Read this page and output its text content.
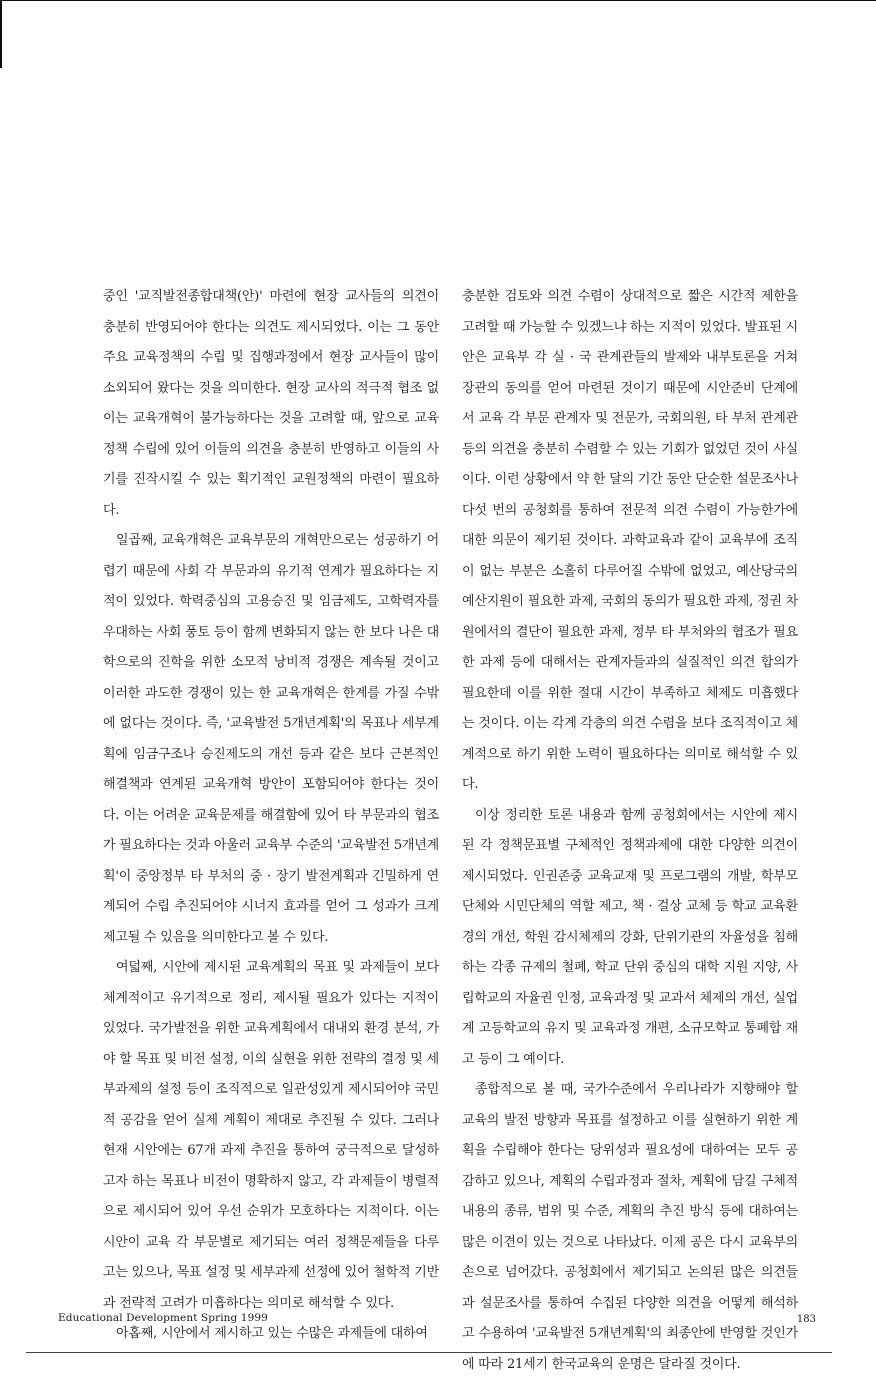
중인 '교직발전종합대책(안)' 마련에 현장 교사들의 의견이 충분히 반영되어야 한다는 의견도 제시되었다. 이는 그 동안 주요 교육정책의 수립 및 집행과정에서 현장 교사들이 많이 소외되어 왔다는 것을 의미한다. 현장 교사의 적극적 협조 없이는 교육개혁이 불가능하다는 것을 고려할 때, 앞으로 교육 정책 수립에 있어 이들의 의견을 충분히 반영하고 이들의 사기를 진작시킬 수 있는 획기적인 교원정책의 마련이 필요하다.

일곱째, 교육개혁은 교육부문의 개혁만으로는 성공하기 어렵기 때문에 사회 각 부문과의 유기적 연계가 필요하다는 지적이 있었다. 학력중심의 고용승진 및 임금제도, 고학력자를 우대하는 사회 풍토 등이 함께 변화되지 않는 한 보다 나은 대학으로의 진학을 위한 소모적 낭비적 경쟁은 계속될 것이고 이러한 과도한 경쟁이 있는 한 교육개혁은 한계를 가질 수밖에 없다는 것이다. 즉, '교육발전 5개년계획'의 목표나 세부계획에 임금구조나 승진제도의 개선 등과 같은 보다 근본적인 해결책과 연계된 교육개혁 방안이 포함되어야 한다는 것이다. 이는 어려운 교육문제를 해결함에 있어 타 부문과의 협조가 필요하다는 것과 아울러 교육부 수준의 '교육발전 5개년계획'이 중앙정부 타 부처의 중 · 장기 발전계획과 긴밀하게 연계되어 수립 추진되어야 시너지 효과를 얻어 그 성과가 크게 제고될 수 있음을 의미한다고 볼 수 있다.

여덟째, 시안에 제시된 교육계획의 목표 및 과제들이 보다 체계적이고 유기적으로 정리, 제시될 필요가 있다는 지적이 있었다. 국가발전을 위한 교육계획에서 대내외 환경 분석, 가야 할 목표 및 비전 설정, 이의 실현을 위한 전략의 결정 및 세부과제의 설정 등이 조직적으로 일관성있게 제시되어야 국민적 공감을 얻어 실제 계획이 제대로 추진될 수 있다. 그러나 현재 시안에는 67개 과제 추진을 통하여 궁극적으로 달성하고자 하는 목표나 비전이 명확하지 않고, 각 과제들이 병렬적으로 제시되어 있어 우선 순위가 모호하다는 지적이다. 이는 시안이 교육 각 부문별로 제기되는 여러 정책문제들을 다루고는 있으나, 목표 설정 및 세부과제 선정에 있어 철학적 기반과 전략적 고려가 미흡하다는 의미로 해석할 수 있다.

아홉째, 시안에서 제시하고 있는 수많은 과제들에 대하여

충분한 검토와 의견 수렴이 상대적으로 짧은 시간적 제한을 고려할 때 가능할 수 있겠느냐 하는 지적이 있었다. 발표된 시안은 교육부 각 실 · 국 관계관들의 발제와 내부토론을 거쳐 장관의 동의를 얻어 마련된 것이기 때문에 시안준비 단계에서 교육 각 부문 관계자 및 전문가, 국회의원, 타 부처 관계관 등의 의견을 충분히 수렴할 수 있는 기회가 없었던 것이 사실이다. 이런 상황에서 약 한 달의 기간 동안 단순한 설문조사나 다섯 번의 공청회를 통하여 전문적 의견 수렴이 가능한가에 대한 의문이 제기된 것이다. 과학교육과 같이 교육부에 조직이 없는 부분은 소홀히 다루어질 수밖에 없었고, 예산당국의 예산지원이 필요한 과제, 국회의 동의가 필요한 과제, 정권 차원에서의 결단이 필요한 과제, 정부 타 부처와의 협조가 필요한 과제 등에 대해서는 관계자들과의 실질적인 의견 합의가 필요한데 이를 위한 절대 시간이 부족하고 체제도 미흡했다는 것이다. 이는 각계 각층의 의견 수렴을 보다 조직적이고 체계적으로 하기 위한 노력이 필요하다는 의미로 해석할 수 있다.

이상 정리한 토론 내용과 함께 공청회에서는 시안에 제시된 각 정책문표별 구체적인 정책과제에 대한 다양한 의견이 제시되었다. 인권존중 교육교재 및 프로그램의 개발, 학부모단체와 시민단체의 역할 제고, 책 · 걸상 교체 등 학교 교육환경의 개선, 학원 감시체제의 강화, 단위기관의 자율성을 침해하는 각종 규제의 철폐, 학교 단위 중심의 대학 지원 지양, 사립학교의 자율권 인정, 교육과정 및 교과서 체제의 개선, 실업계 고등학교의 유지 및 교육과정 개편, 소규모학교 통폐합 재고 등이 그 예이다.

종합적으로 볼 때, 국가수준에서 우리나라가 지향해야 할 교육의 발전 방향과 목표를 설정하고 이를 실현하기 위한 계획을 수립해야 한다는 당위성과 필요성에 대하여는 모두 공감하고 있으나, 계획의 수립과정과 절차, 계획에 담길 구체적 내용의 종류, 범위 및 수준, 계획의 추진 방식 등에 대하여는 많은 이견이 있는 것으로 나타났다. 이제 공은 다시 교육부의 손으로 넘어갔다. 공청회에서 제기되고 논의된 많은 의견들과 설문조사를 통하여 수집된 다양한 의견을 어떻게 해석하고 수용하여 '교육발전 5개년계획'의 최종안에 반영할 것인가에 따라 21세기 한국교육의 운명은 달라질 것이다.

Educational Development Spring 1999	183
